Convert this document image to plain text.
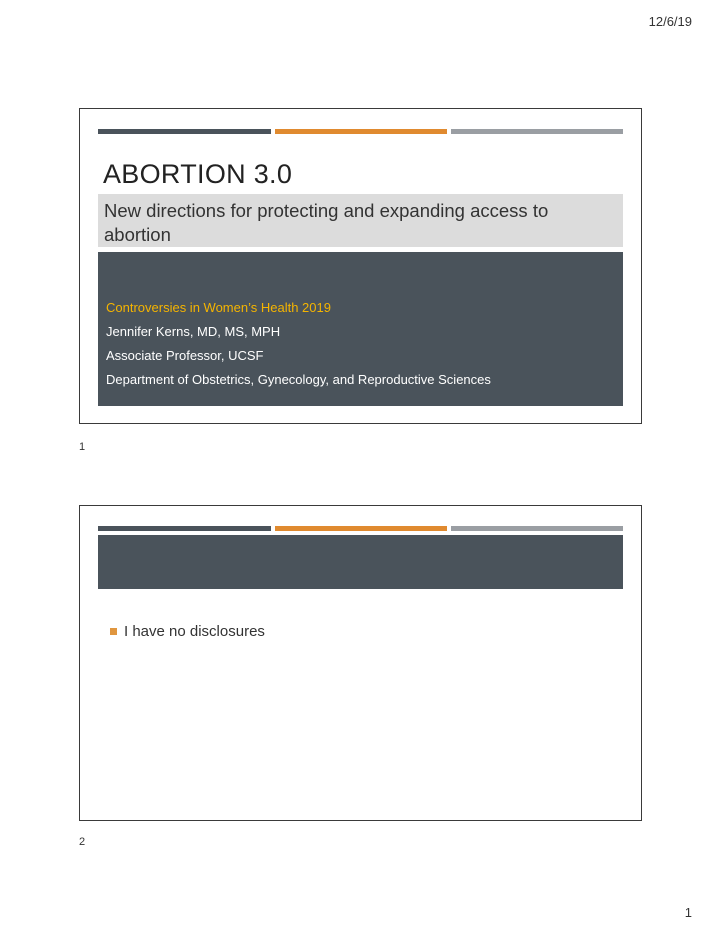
12/6/19
ABORTION 3.0
New directions for protecting and expanding access to abortion
Controversies in Women’s Health 2019
Jennifer Kerns, MD, MS, MPH
Associate Professor, UCSF
Department of Obstetrics, Gynecology, and Reproductive Sciences
1
I have no disclosures
2
1
